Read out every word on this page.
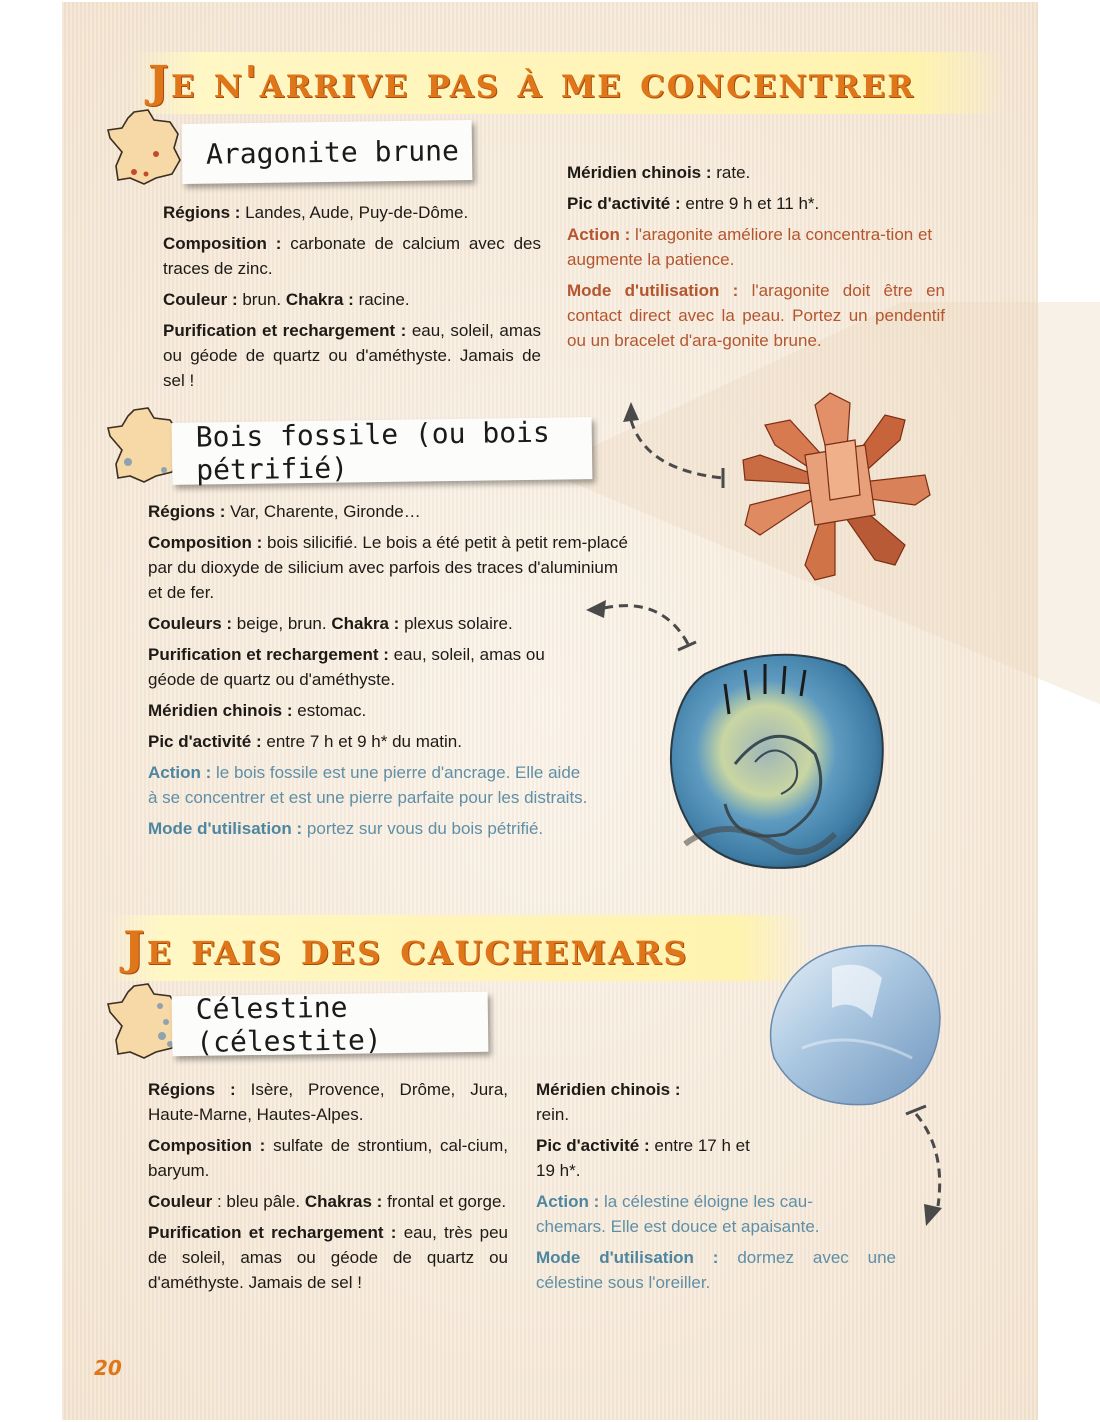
Je n'arrive pas à me concentrer
Aragonite brune

Régions : Landes, Aude, Puy-de-Dôme.

Composition : carbonate de calcium avec des traces de zinc.

Couleur : brun. Chakra : racine.

Purification et rechargement : eau, soleil, amas ou géode de quartz ou d'améthyste. Jamais de sel !

Méridien chinois : rate.

Pic d'activité : entre 9 h et 11 h*.

Action : l'aragonite améliore la concentra-tion et augmente la patience.

Mode d'utilisation : l'aragonite doit être en contact direct avec la peau. Portez un pendentif ou un bracelet d'ara-gonite brune.

Bois fossile (ou bois pétrifié)

Régions : Var, Charente, Gironde…

Composition : bois silicifié. Le bois a été petit à petit rem-placé par du dioxyde de silicium avec parfois des traces d'aluminium et de fer.

Couleurs : beige, brun. Chakra : plexus solaire.

Purification et rechargement : eau, soleil, amas ou géode de quartz ou d'améthyste.

Méridien chinois : estomac.

Pic d'activité : entre 7 h et 9 h* du matin.

Action : le bois fossile est une pierre d'ancrage. Elle aide à se concentrer et est une pierre parfaite pour les distraits.

Mode d'utilisation : portez sur vous du bois pétrifié.

Je fais des cauchemars
Célestine (célestite)

Régions : Isère, Provence, Drôme, Jura, Haute-Marne, Hautes-Alpes.

Composition : sulfate de strontium, cal-cium, baryum.

Couleur : bleu pâle. Chakras : frontal et gorge.

Purification et rechargement : eau, très peu de soleil, amas ou géode de quartz ou d'améthyste. Jamais de sel !

Méridien chinois : rein.

Pic d'activité : entre 17 h et 19 h*.

Action : la célestine éloigne les cau-chemars. Elle est douce et apaisante.

Mode d'utilisation : dormez avec une célestine sous l'oreiller.

20
